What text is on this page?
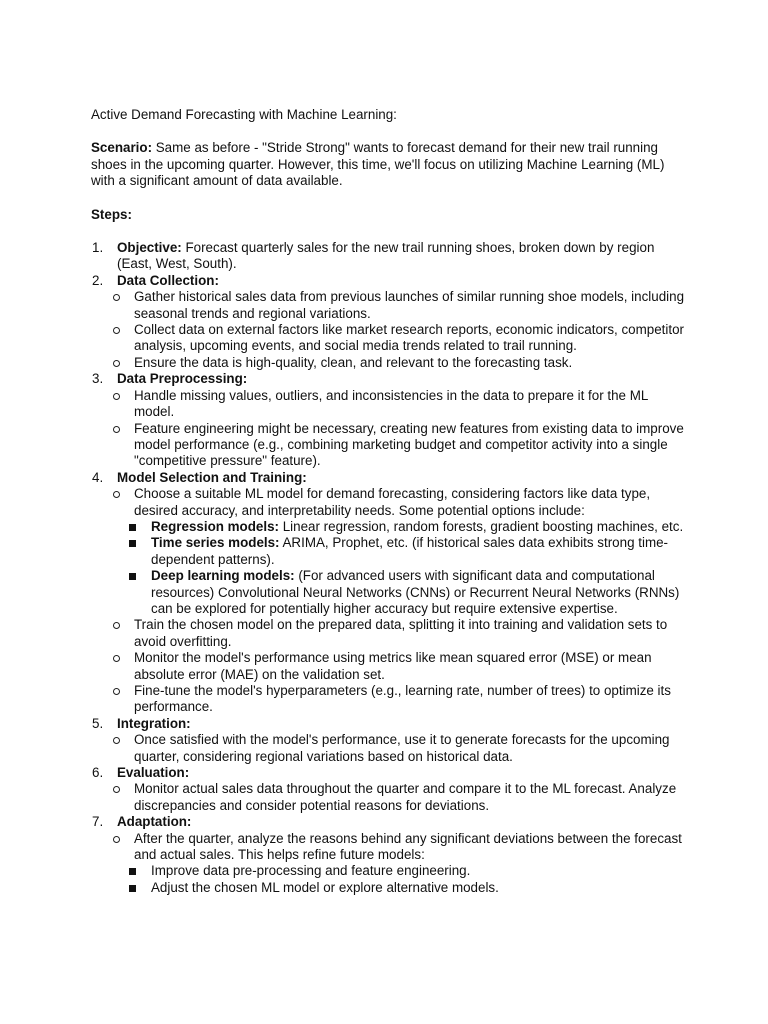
Active Demand Forecasting with Machine Learning:

Scenario: Same as before - "Stride Strong" wants to forecast demand for their new trail running shoes in the upcoming quarter. However, this time, we'll focus on utilizing Machine Learning (ML) with a significant amount of data available.

Steps:

1. Objective: Forecast quarterly sales for the new trail running shoes, broken down by region (East, West, South).
2. Data Collection:
Gather historical sales data from previous launches of similar running shoe models, including seasonal trends and regional variations.
Collect data on external factors like market research reports, economic indicators, competitor analysis, upcoming events, and social media trends related to trail running.
Ensure the data is high-quality, clean, and relevant to the forecasting task.
3. Data Preprocessing:
Handle missing values, outliers, and inconsistencies in the data to prepare it for the ML model.
Feature engineering might be necessary, creating new features from existing data to improve model performance (e.g., combining marketing budget and competitor activity into a single "competitive pressure" feature).
4. Model Selection and Training:
Choose a suitable ML model for demand forecasting, considering factors like data type, desired accuracy, and interpretability needs. Some potential options include:
Regression models: Linear regression, random forests, gradient boosting machines, etc.
Time series models: ARIMA, Prophet, etc. (if historical sales data exhibits strong time-dependent patterns).
Deep learning models: (For advanced users with significant data and computational resources) Convolutional Neural Networks (CNNs) or Recurrent Neural Networks (RNNs) can be explored for potentially higher accuracy but require extensive expertise.
Train the chosen model on the prepared data, splitting it into training and validation sets to avoid overfitting.
Monitor the model's performance using metrics like mean squared error (MSE) or mean absolute error (MAE) on the validation set.
Fine-tune the model's hyperparameters (e.g., learning rate, number of trees) to optimize its performance.
5. Integration:
Once satisfied with the model's performance, use it to generate forecasts for the upcoming quarter, considering regional variations based on historical data.
6. Evaluation:
Monitor actual sales data throughout the quarter and compare it to the ML forecast. Analyze discrepancies and consider potential reasons for deviations.
7. Adaptation:
After the quarter, analyze the reasons behind any significant deviations between the forecast and actual sales. This helps refine future models:
Improve data pre-processing and feature engineering.
Adjust the chosen ML model or explore alternative models.
